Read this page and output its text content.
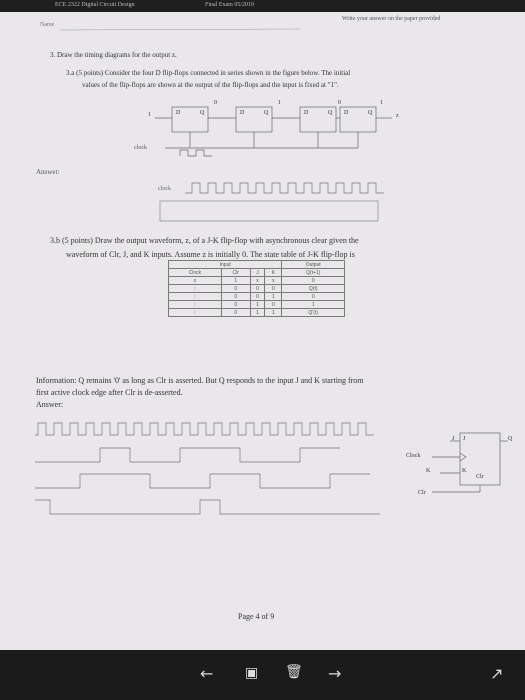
ECE 2322 Digital Circuit Design	Final Exam 05/2010
Name
Write your answer on the paper provided
3. Draw the timing diagrams for the output z.
3.a (5 points) Consider the four D flip-flops connected in series shown in the figure below. The initial
values of the flip-flops are shown at the output of the flip-flops and the input is fixed at "1".
1	D	Q	D	Q	D	Q D	Q
0	1	0	1
z
clock
Answer:
clock
3.b (5 points) Draw the output waveform, z, of a J-K flip-flop with asynchronous clear given the
waveform of Clr, J, and K inputs. Assume z is initially 0. The state table of J-K flip-flop is
Input				Output
Clock	Clr	J	K	Q(t+1)
x	1	x	x	0
↑	0	0	0	Q(t)
↑	0	0	1	0
↑	0	1	0	1
↑	0	1	1	Q'(t)
Information: Q remains '0' as long as Clr is asserted. But Q responds to the input J and K starting from
first active clock edge after Clr is de-asserted.
Answer:
J J	Q
Clock
K	K
Clr
Clr
Page 4 of 9
← ▣ 🗑 →	↗
